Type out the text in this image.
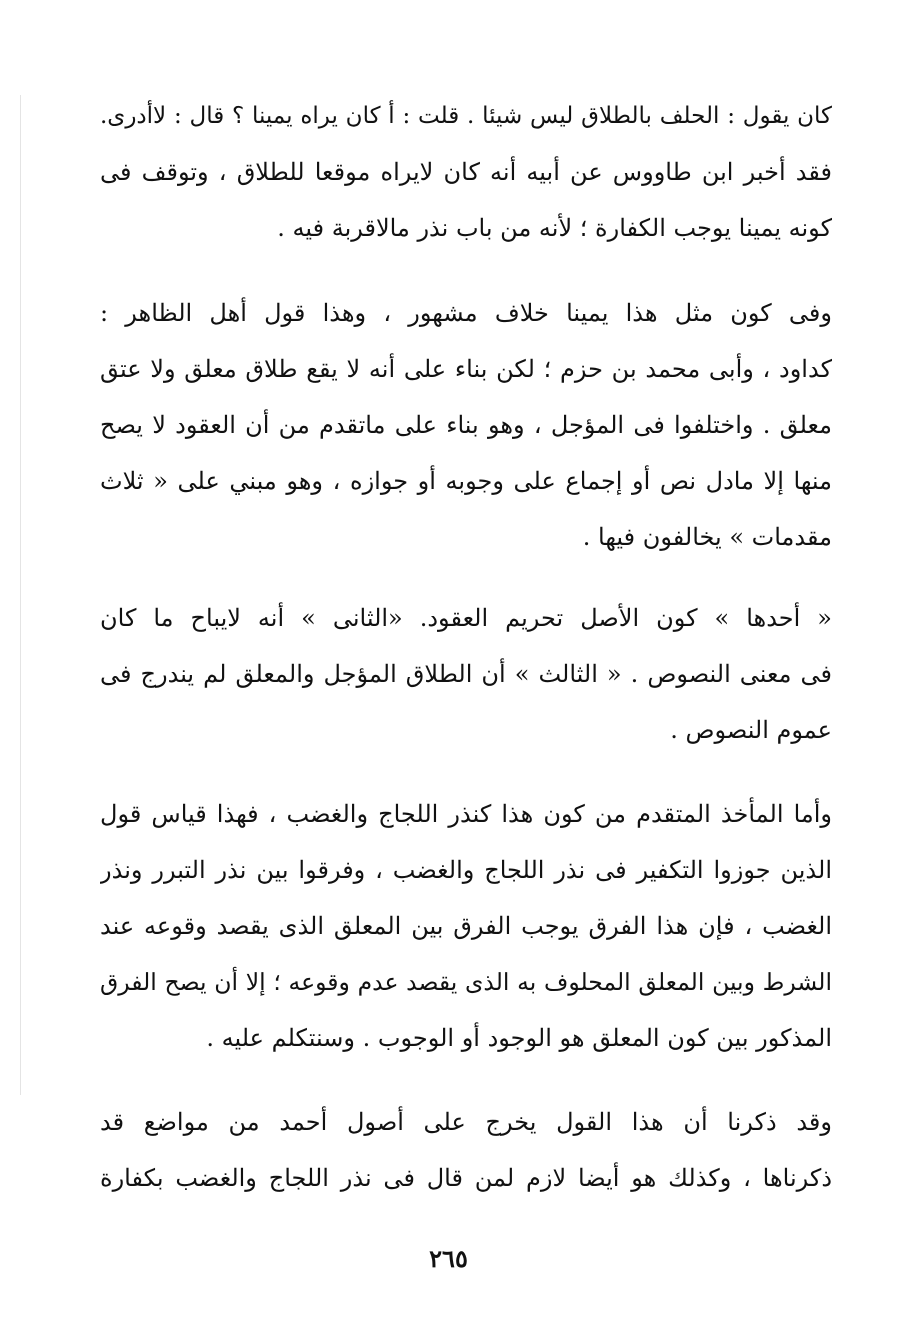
كان يقول : الحلف بالطلاق ليس شيئا . قلت : أ كان يراه يمينا ؟ قال : لاأدرى.
فقد أخبر ابن طاووس عن أبيه أنه كان لايراه موقعا للطلاق ، وتوقف فى
كونه يمينا يوجب الكفارة ؛ لأنه من باب نذر مالاقربة فيه .
وفى كون مثل هذا يمينا خلاف مشهور ، وهذا قول أهل الظاهر :
كداود ، وأبى محمد بن حزم ؛ لكن بناء على أنه لا يقع طلاق معلق ولا عتق
معلق . واختلفوا فى المؤجل ، وهو بناء على ماتقدم من أن العقود لا يصح
منها إلا مادل نص أو إجماع على وجوبه أو جوازه ، وهو مبني على « ثلاث
مقدمات » يخالفون فيها .
« أحدها » كون الأصل تحريم العقود. «الثانى » أنه لايباح ما كان
فى معنى النصوص . « الثالث » أن الطلاق المؤجل والمعلق لم يندرج فى
عموم النصوص .
وأما المأخذ المتقدم من كون هذا كنذر اللجاج والغضب ، فهذا قياس قول
الذين جوزوا التكفير فى نذر اللجاج والغضب ، وفرقوا بين نذر التبرر ونذر
الغضب ، فإن هذا الفرق يوجب الفرق بين المعلق الذى يقصد وقوعه عند
الشرط وبين المعلق المحلوف به الذى يقصد عدم وقوعه ؛ إلا أن يصح الفرق
المذكور بين كون المعلق هو الوجود أو الوجوب . وسنتكلم عليه .
وقد ذكرنا أن هذا القول يخرج على أصول أحمد من مواضع قد
ذكرناها ، وكذلك هو أيضا لازم لمن قال فى نذر اللجاج والغضب بكفارة
٢٦٥
